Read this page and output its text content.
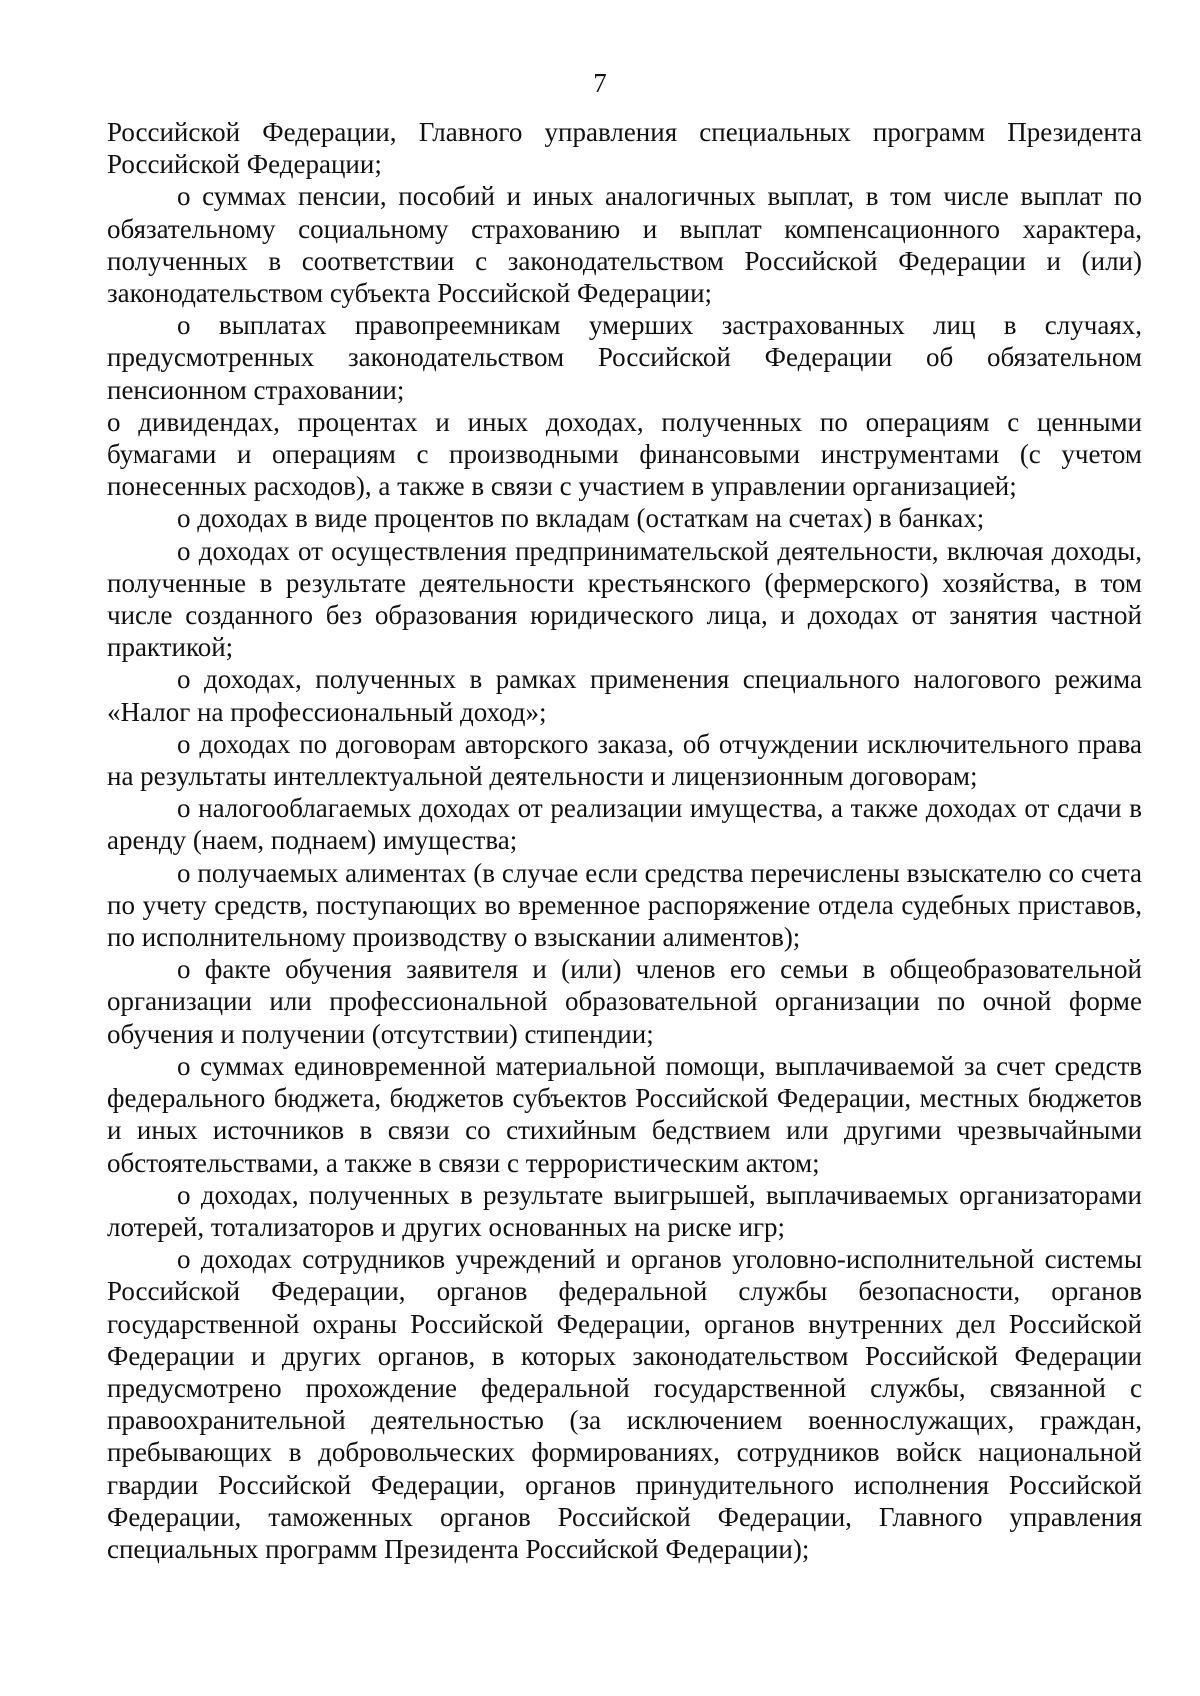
7

Российской Федерации, Главного управления специальных программ Президента Российской Федерации;

о суммах пенсии, пособий и иных аналогичных выплат, в том числе выплат по обязательному социальному страхованию и выплат компенсационного характера, полученных в соответствии с законодательством Российской Федерации и (или) законодательством субъекта Российской Федерации;

о выплатах правопреемникам умерших застрахованных лиц в случаях, предусмотренных законодательством Российской Федерации об обязательном пенсионном страховании;

о дивидендах, процентах и иных доходах, полученных по операциям с ценными бумагами и операциям с производными финансовыми инструментами (с учетом понесенных расходов), а также в связи с участием в управлении организацией;

о доходах в виде процентов по вкладам (остаткам на счетах) в банках;

о доходах от осуществления предпринимательской деятельности, включая доходы, полученные в результате деятельности крестьянского (фермерского) хозяйства, в том числе созданного без образования юридического лица, и доходах от занятия частной практикой;

о доходах, полученных в рамках применения специального налогового режима «Налог на профессиональный доход»;

о доходах по договорам авторского заказа, об отчуждении исключительного права на результаты интеллектуальной деятельности и лицензионным договорам;

о налогооблагаемых доходах от реализации имущества, а также доходах от сдачи в аренду (наем, поднаем) имущества;

о получаемых алиментах (в случае если средства перечислены взыскателю со счета по учету средств, поступающих во временное распоряжение отдела судебных приставов, по исполнительному производству о взыскании алиментов);

о факте обучения заявителя и (или) членов его семьи в общеобразовательной организации или профессиональной образовательной организации по очной форме обучения и получении (отсутствии) стипендии;

о суммах единовременной материальной помощи, выплачиваемой за счет средств федерального бюджета, бюджетов субъектов Российской Федерации, местных бюджетов и иных источников в связи со стихийным бедствием или другими чрезвычайными обстоятельствами, а также в связи с террористическим актом;

о доходах, полученных в результате выигрышей, выплачиваемых организаторами лотерей, тотализаторов и других основанных на риске игр;

о доходах сотрудников учреждений и органов уголовно-исполнительной системы Российской Федерации, органов федеральной службы безопасности, органов государственной охраны Российской Федерации, органов внутренних дел Российской Федерации и других органов, в которых законодательством Российской Федерации предусмотрено прохождение федеральной государственной службы, связанной с правоохранительной деятельностью (за исключением военнослужащих, граждан, пребывающих в добровольческих формированиях, сотрудников войск национальной гвардии Российской Федерации, органов принудительного исполнения Российской Федерации, таможенных органов Российской Федерации, Главного управления специальных программ Президента Российской Федерации);
